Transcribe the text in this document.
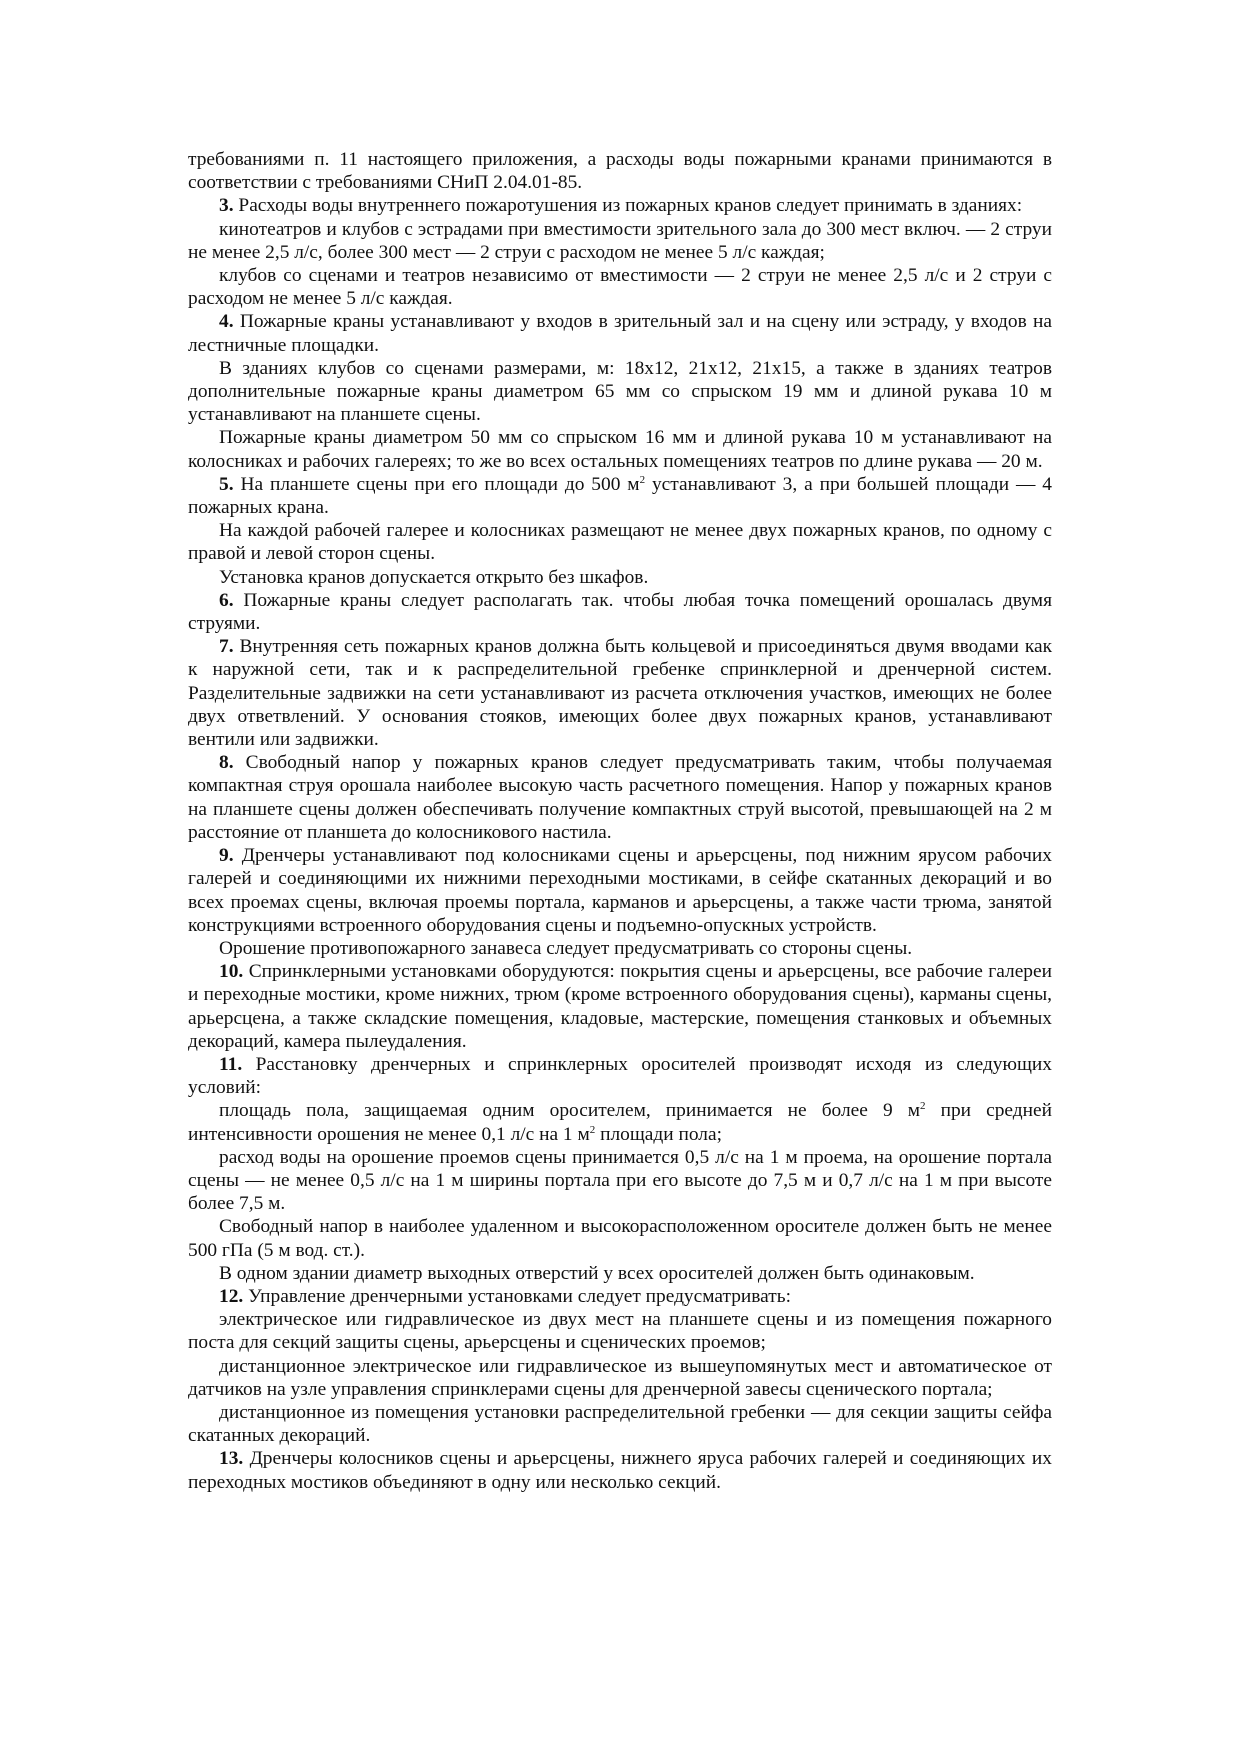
требованиями п. 11 настоящего приложения, а расходы воды пожарными кранами принимаются в соответствии с требованиями СНиП 2.04.01-85.

3. Расходы воды внутреннего пожаротушения из пожарных кранов следует принимать в зданиях:

кинотеатров и клубов с эстрадами при вместимости зрительного зала до 300 мест включ. — 2 струи не менее 2,5 л/с, более 300 мест — 2 струи с расходом не менее 5 л/с каждая;

клубов со сценами и театров независимо от вместимости — 2 струи не менее 2,5 л/с и 2 струи с расходом не менее 5 л/с каждая.

4. Пожарные краны устанавливают у входов в зрительный зал и на сцену или эстраду, у входов на лестничные площадки.

В зданиях клубов со сценами размерами, м: 18x12, 21x12, 21x15, а также в зданиях театров дополнительные пожарные краны диаметром 65 мм со спрыском 19 мм и длиной рукава 10 м устанавливают на планшете сцены.

Пожарные краны диаметром 50 мм со спрыском 16 мм и длиной рукава 10 м устанавливают на колосниках и рабочих галереях; то же во всех остальных помещениях театров по длине рукава — 20 м.

5. На планшете сцены при его площади до 500 $м^2$ устанавливают 3, а при большей площади — 4 пожарных крана.

На каждой рабочей галерее и колосниках размещают не менее двух пожарных кранов, по одному с правой и левой сторон сцены.

Установка кранов допускается открыто без шкафов.

6. Пожарные краны следует располагать так. чтобы любая точка помещений орошалась двумя струями.

7. Внутренняя сеть пожарных кранов должна быть кольцевой и присоединяться двумя вводами как к наружной сети, так и к распределительной гребенке спринклерной и дренчерной систем. Разделительные задвижки на сети устанавливают из расчета отключения участков, имеющих не более двух ответвлений. У основания стояков, имеющих более двух пожарных кранов, устанавливают вентили или задвижки.

8. Свободный напор у пожарных кранов следует предусматривать таким, чтобы получаемая компактная струя орошала наиболее высокую часть расчетного помещения. Напор у пожарных кранов на планшете сцены должен обеспечивать получение компактных струй высотой, превышающей на 2 м расстояние от планшета до колосникового настила.

9. Дренчеры устанавливают под колосниками сцены и арьерсцены, под нижним ярусом рабочих галерей и соединяющими их нижними переходными мостиками, в сейфе скатанных декораций и во всех проемах сцены, включая проемы портала, карманов и арьерсцены, а также части трюма, занятой конструкциями встроенного оборудования сцены и подъемно-опускных устройств.

Орошение противопожарного занавеса следует предусматривать со стороны сцены.

10. Спринклерными установками оборудуются: покрытия сцены и арьерсцены, все рабочие галереи и переходные мостики, кроме нижних, трюм (кроме встроенного оборудования сцены), карманы сцены, арьерсцена, а также складские помещения, кладовые, мастерские, помещения станковых и объемных декораций, камера пылеудаления.

11. Расстановку дренчерных и спринклерных оросителей производят исходя из следующих условий:

площадь пола, защищаемая одним оросителем, принимается не более 9 $м^2$ при средней интенсивности орошения не менее 0,1 л/с на 1 $м^2$ площади пола;

расход воды на орошение проемов сцены принимается 0,5 л/с на 1 м проема, на орошение портала сцены — не менее 0,5 л/с на 1 м ширины портала при его высоте до 7,5 м и 0,7 л/с на 1 м при высоте более 7,5 м.

Свободный напор в наиболее удаленном и высокорасположенном оросителе должен быть не менее 500 гПа (5 м вод. ст.).

В одном здании диаметр выходных отверстий у всех оросителей должен быть одинаковым.

12. Управление дренчерными установками следует предусматривать:

электрическое или гидравлическое из двух мест на планшете сцены и из помещения пожарного поста для секций защиты сцены, арьерсцены и сценических проемов;

дистанционное электрическое или гидравлическое из вышеупомянутых мест и автоматическое от датчиков на узле управления спринклерами сцены для дренчерной завесы сценического портала;

дистанционное из помещения установки распределительной гребенки — для секции защиты сейфа скатанных декораций.

13. Дренчеры колосников сцены и арьерсцены, нижнего яруса рабочих галерей и соединяющих их переходных мостиков объединяют в одну или несколько секций.
